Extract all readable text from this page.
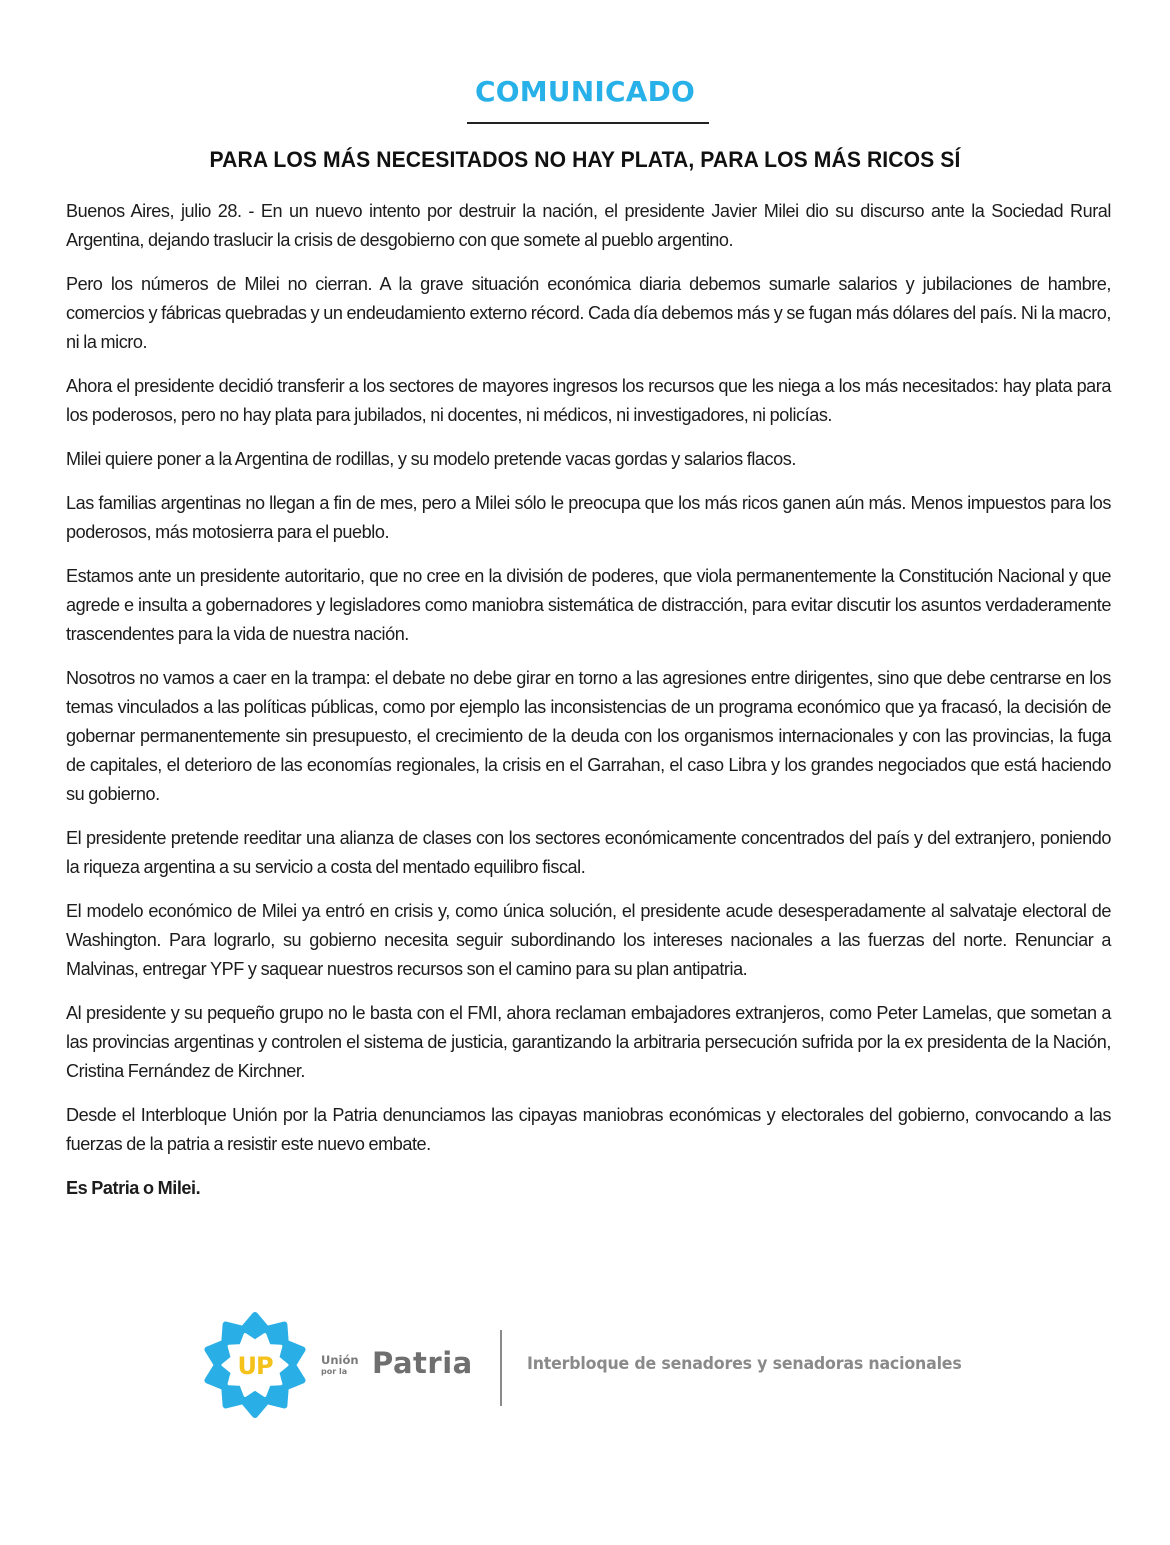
COMUNICADO
PARA LOS MÁS NECESITADOS NO HAY PLATA, PARA LOS MÁS RICOS SÍ

Buenos Aires, julio 28. - En un nuevo intento por destruir la nación, el presidente Javier Milei dio su discurso ante la Sociedad Rural Argentina, dejando traslucir la crisis de desgobierno con que somete al pueblo argentino.

Pero los números de Milei no cierran. A la grave situación económica diaria debemos sumarle salarios y jubilaciones de hambre, comercios y fábricas quebradas y un endeudamiento externo récord. Cada día debemos más y se fugan más dólares del país. Ni la macro, ni la micro.

Ahora el presidente decidió transferir a los sectores de mayores ingresos los recursos que les niega a los más necesitados: hay plata para los poderosos, pero no hay plata para jubilados, ni docentes, ni médicos, ni investigadores, ni policías.

Milei quiere poner a la Argentina de rodillas, y su modelo pretende vacas gordas y salarios flacos.

Las familias argentinas no llegan a fin de mes, pero a Milei sólo le preocupa que los más ricos ganen aún más. Menos impuestos para los poderosos, más motosierra para el pueblo.

Estamos ante un presidente autoritario, que no cree en la división de poderes, que viola permanentemente la Constitución Nacional y que agrede e insulta a gobernadores y legisladores como maniobra sistemática de distracción, para evitar discutir los asuntos verdaderamente trascendentes para la vida de nuestra nación.

Nosotros no vamos a caer en la trampa: el debate no debe girar en torno a las agresiones entre dirigentes, sino que debe centrarse en los temas vinculados a las políticas públicas, como por ejemplo las inconsistencias de un programa económico que ya fracasó, la decisión de gobernar permanentemente sin presupuesto, el crecimiento de la deuda con los organismos internacionales y con las provincias, la fuga de capitales, el deterioro de las economías regionales, la crisis en el Garrahan, el caso Libra y los grandes negociados que está haciendo su gobierno.

El presidente pretende reeditar una alianza de clases con los sectores económicamente concentrados del país y del extranjero, poniendo la riqueza argentina a su servicio a costa del mentado equilibro fiscal.

El modelo económico de Milei ya entró en crisis y, como única solución, el presidente acude desesperadamente al salvataje electoral de Washington. Para lograrlo, su gobierno necesita seguir subordinando los intereses nacionales a las fuerzas del norte. Renunciar a Malvinas, entregar YPF y saquear nuestros recursos son el camino para su plan antipatria.

Al presidente y su pequeño grupo no le basta con el FMI, ahora reclaman embajadores extranjeros, como Peter Lamelas, que sometan a las provincias argentinas y controlen el sistema de justicia, garantizando la arbitraria persecución sufrida por la ex presidenta de la Nación, Cristina Fernández de Kirchner.

Desde el Interbloque Unión por la Patria denunciamos las cipayas maniobras económicas y electorales del gobierno, convocando a las fuerzas de la patria a resistir este nuevo embate.

Es Patria o Milei.

UP	Unión
por la Patria	Interbloque de senadores y senadoras nacionales
